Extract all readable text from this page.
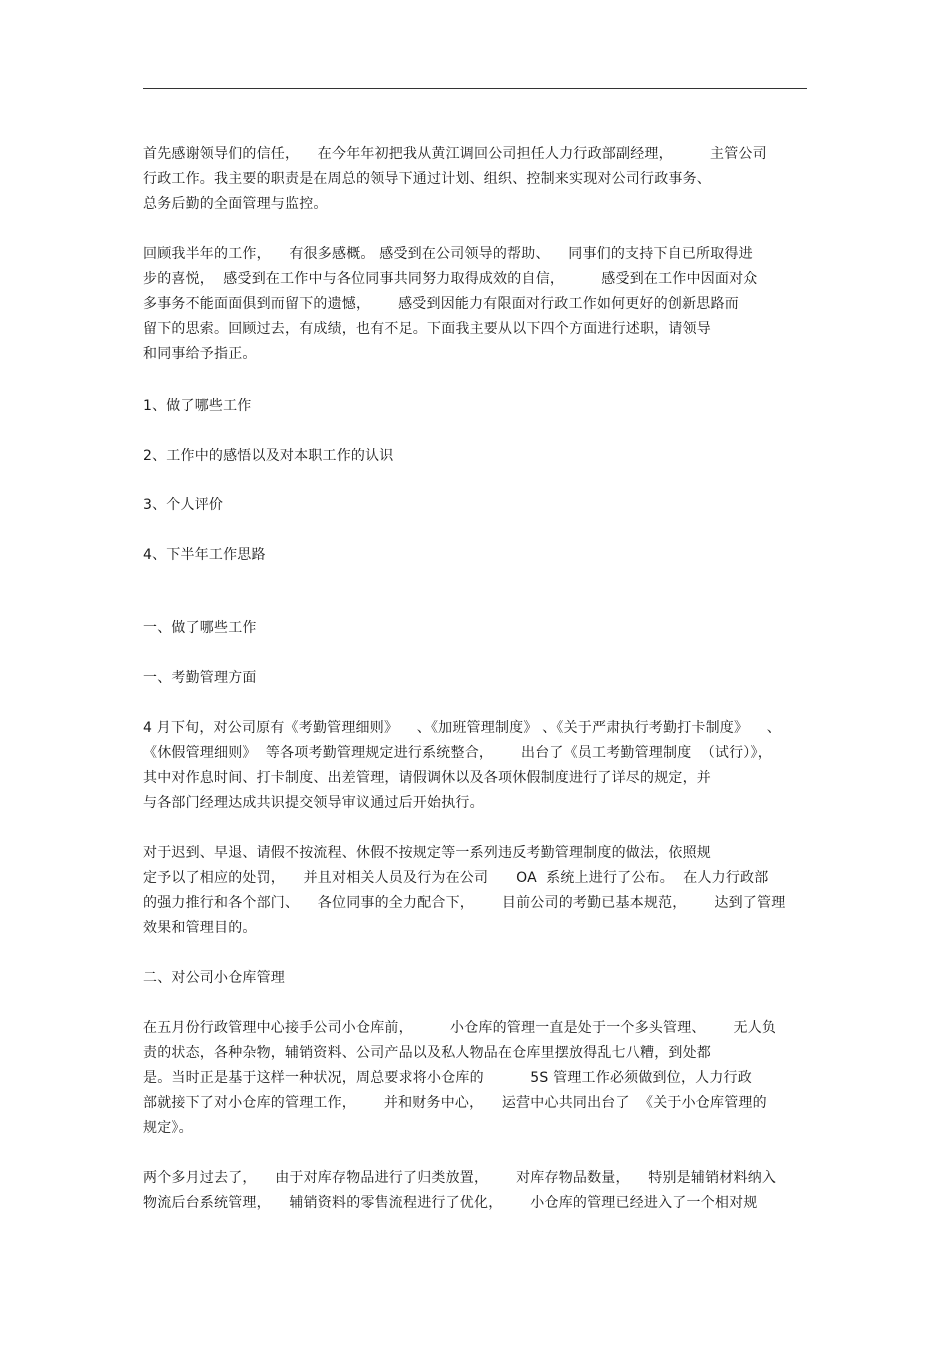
首先感谢领导们的信任，    在今年年初把我从黄江调回公司担任人力行政部副经理，        主管公司
行政工作。我主要的职责是在周总的领导下通过计划、组织、控制来实现对公司行政事务、
总务后勤的全面管理与监控。
回顾我半年的工作，    有很多感概。 感受到在公司领导的帮助、    同事们的支持下自已所取得进
步的喜悦，  感受到在工作中与各位同事共同努力取得成效的自信，        感受到在工作中因面对众
多事务不能面面俱到而留下的遗憾，      感受到因能力有限面对行政工作如何更好的创新思路而
留下的思索。回顾过去，有成绩，也有不足。下面我主要从以下四个方面进行述职，请领导
和同事给予指正。
1、做了哪些工作
2、工作中的感悟以及对本职工作的认识
3、个人评价
4、下半年工作思路
一、做了哪些工作
一、考勤管理方面
4 月下旬，对公司原有《考勤管理细则》    、《加班管理制度》 、《关于严肃执行考勤打卡制度》    、
《休假管理细则》  等各项考勤管理规定进行系统整合，      出台了《员工考勤管理制度  （试行）》，
其中对作息时间、打卡制度、出差管理，请假调休以及各项休假制度进行了详尽的规定，并
与各部门经理达成共识提交领导审议通过后开始执行。
对于迟到、早退、请假不按流程、休假不按规定等一系列违反考勤管理制度的做法，依照规
定予以了相应的处罚，    并且对相关人员及行为在公司      OA  系统上进行了公布。  在人力行政部
的强力推行和各个部门、    各位同事的全力配合下，      目前公司的考勤已基本规范，      达到了管理
效果和管理目的。
二、对公司小仓库管理
在五月份行政管理中心接手公司小仓库前，        小仓库的管理一直是处于一个多头管理、      无人负
责的状态，各种杂物，辅销资料、公司产品以及私人物品在仓库里摆放得乱七八糟，到处都
是。当时正是基于这样一种状况，周总要求将小仓库的          5S 管理工作必须做到位，人力行政
部就接下了对小仓库的管理工作，      并和财务中心，    运营中心共同出台了  《关于小仓库管理的
规定》。
两个多月过去了，    由于对库存物品进行了归类放置，      对库存物品数量，    特别是辅销材料纳入
物流后台系统管理，    辅销资料的零售流程进行了优化，      小仓库的管理已经进入了一个相对规
